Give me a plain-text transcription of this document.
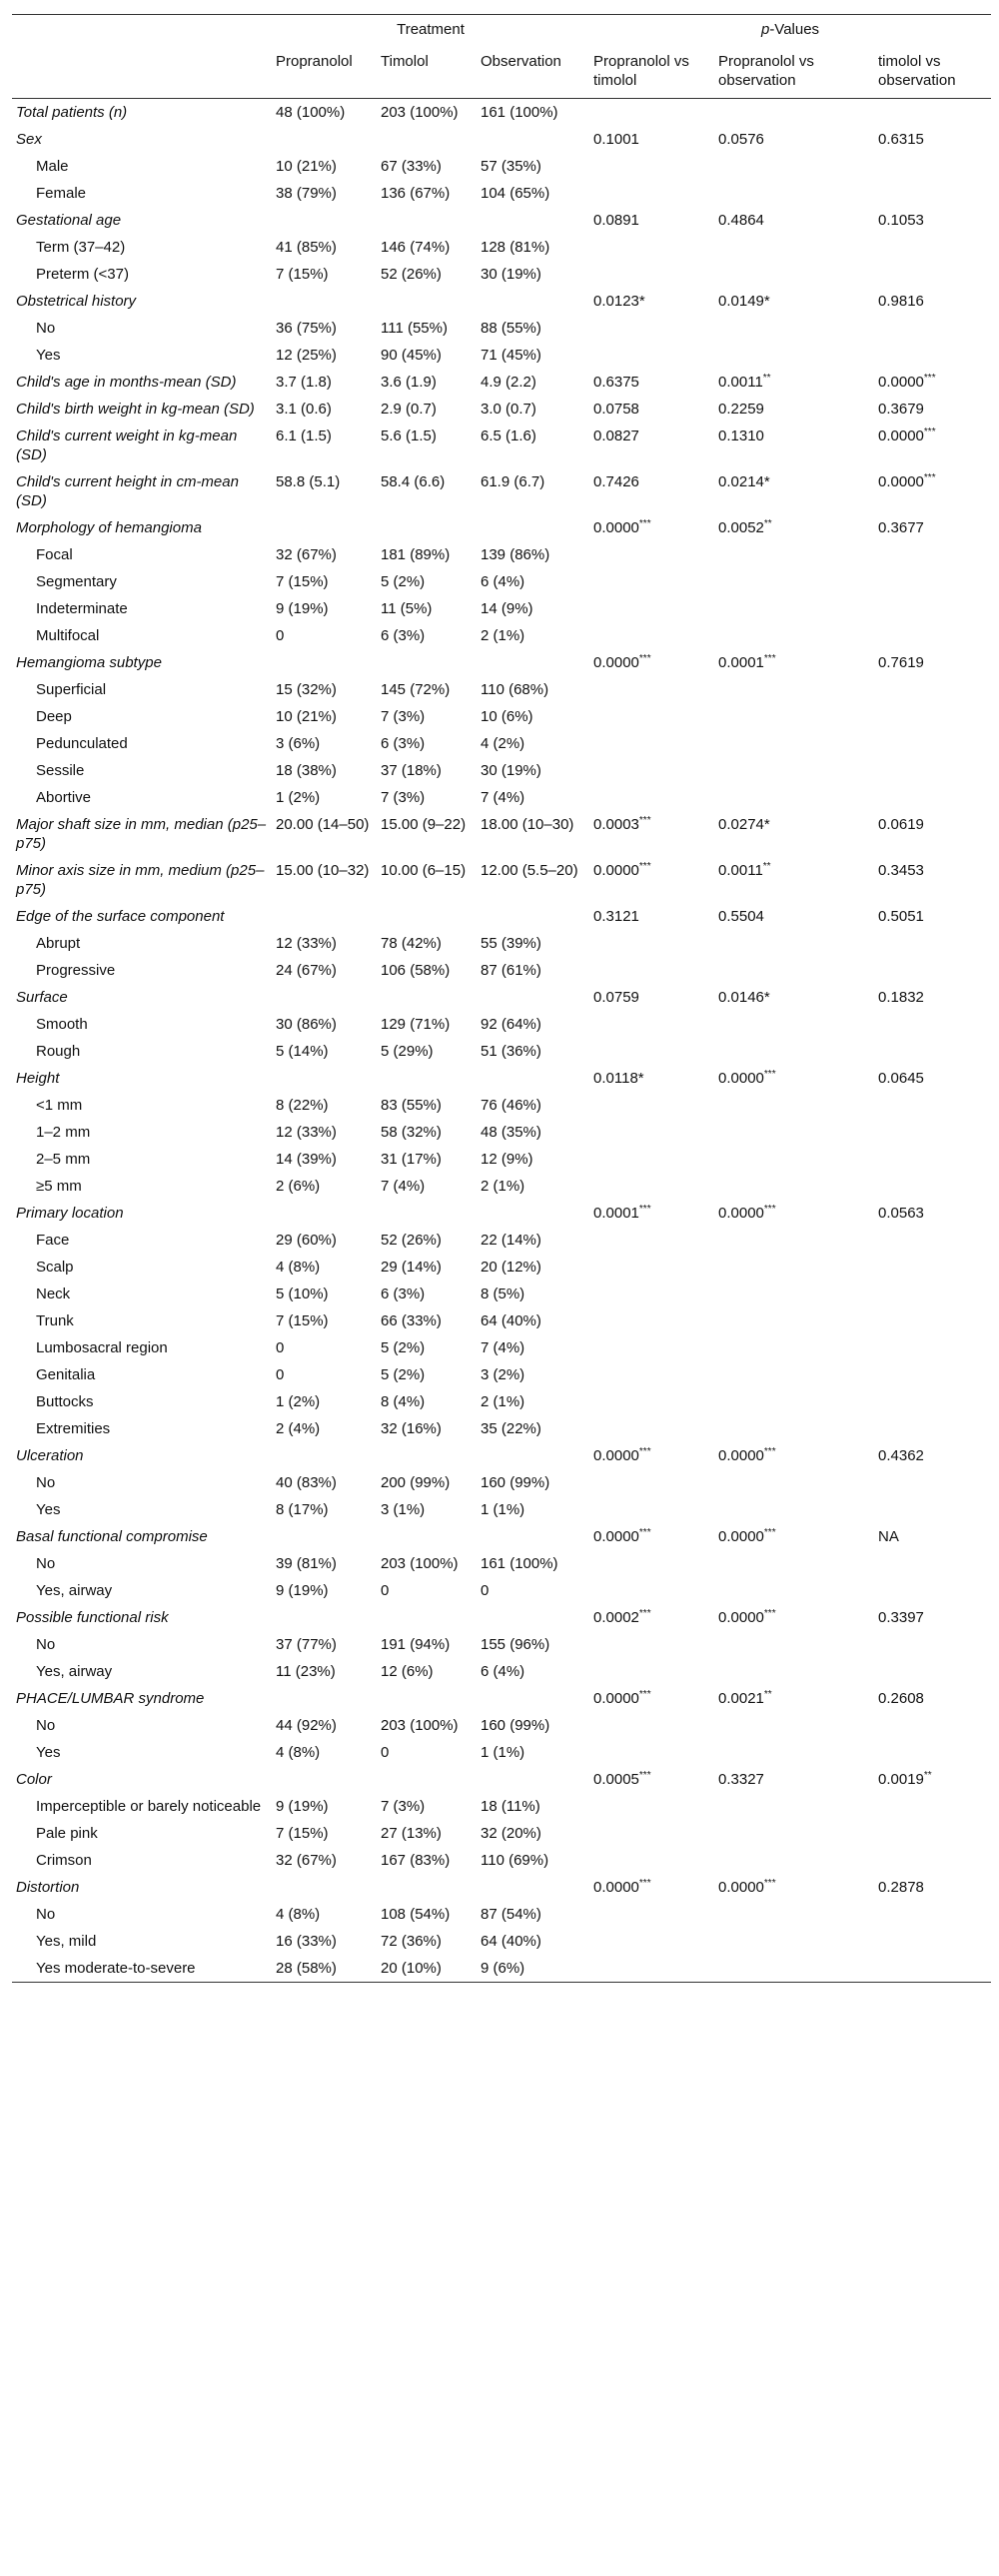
	Treatment			p-Values		
	Propranolol	Timolol	Observation	Propranolol vs timolol	Propranolol vs observation	timolol vs observation
Total patients (n)	48 (100%)	203 (100%)	161 (100%)			
Sex				0.1001	0.0576	0.6315
Male	10 (21%)	67 (33%)	57 (35%)			
Female	38 (79%)	136 (67%)	104 (65%)			
Gestational age				0.0891	0.4864	0.1053
Term (37–42)	41 (85%)	146 (74%)	128 (81%)			
Preterm (<37)	7 (15%)	52 (26%)	30 (19%)			
Obstetrical history				0.0123*	0.0149*	0.9816
No	36 (75%)	111 (55%)	88 (55%)			
Yes	12 (25%)	90 (45%)	71 (45%)			
Child's age in months-mean (SD)	3.7 (1.8)	3.6 (1.9)	4.9 (2.2)	0.6375	0.0011**	0.0000***
Child's birth weight in kg-mean (SD)	3.1 (0.6)	2.9 (0.7)	3.0 (0.7)	0.0758	0.2259	0.3679
Child's current weight in kg-mean (SD)	6.1 (1.5)	5.6 (1.5)	6.5 (1.6)	0.0827	0.1310	0.0000***
Child's current height in cm-mean (SD)	58.8 (5.1)	58.4 (6.6)	61.9 (6.7)	0.7426	0.0214*	0.0000***
Morphology of hemangioma				0.0000***	0.0052**	0.3677
Focal	32 (67%)	181 (89%)	139 (86%)			
Segmentary	7 (15%)	5 (2%)	6 (4%)			
Indeterminate	9 (19%)	11 (5%)	14 (9%)			
Multifocal	0	6 (3%)	2 (1%)			
Hemangioma subtype				0.0000***	0.0001***	0.7619
Superficial	15 (32%)	145 (72%)	110 (68%)			
Deep	10 (21%)	7 (3%)	10 (6%)			
Pedunculated	3 (6%)	6 (3%)	4 (2%)			
Sessile	18 (38%)	37 (18%)	30 (19%)			
Abortive	1 (2%)	7 (3%)	7 (4%)			
Major shaft size in mm, median (p25–p75)	20.00 (14–50)	15.00 (9–22)	18.00 (10–30)	0.0003***	0.0274*	0.0619
Minor axis size in mm, medium (p25–p75)	15.00 (10–32)	10.00 (6–15)	12.00 (5.5–20)	0.0000***	0.0011**	0.3453
Edge of the surface component				0.3121	0.5504	0.5051
Abrupt	12 (33%)	78 (42%)	55 (39%)			
Progressive	24 (67%)	106 (58%)	87 (61%)			
Surface				0.0759	0.0146*	0.1832
Smooth	30 (86%)	129 (71%)	92 (64%)			
Rough	5 (14%)	5 (29%)	51 (36%)			
Height				0.0118*	0.0000***	0.0645
<1 mm	8 (22%)	83 (55%)	76 (46%)			
1–2 mm	12 (33%)	58 (32%)	48 (35%)			
2–5 mm	14 (39%)	31 (17%)	12 (9%)			
≥5 mm	2 (6%)	7 (4%)	2 (1%)			
Primary location				0.0001***	0.0000***	0.0563
Face	29 (60%)	52 (26%)	22 (14%)			
Scalp	4 (8%)	29 (14%)	20 (12%)			
Neck	5 (10%)	6 (3%)	8 (5%)			
Trunk	7 (15%)	66 (33%)	64 (40%)			
Lumbosacral region	0	5 (2%)	7 (4%)			
Genitalia	0	5 (2%)	3 (2%)			
Buttocks	1 (2%)	8 (4%)	2 (1%)			
Extremities	2 (4%)	32 (16%)	35 (22%)			
Ulceration				0.0000***	0.0000***	0.4362
No	40 (83%)	200 (99%)	160 (99%)			
Yes	8 (17%)	3 (1%)	1 (1%)			
Basal functional compromise				0.0000***	0.0000***	NA
No	39 (81%)	203 (100%)	161 (100%)			
Yes, airway	9 (19%)	0	0			
Possible functional risk				0.0002***	0.0000***	0.3397
No	37 (77%)	191 (94%)	155 (96%)			
Yes, airway	11 (23%)	12 (6%)	6 (4%)			
PHACE/LUMBAR syndrome				0.0000***	0.0021**	0.2608
No	44 (92%)	203 (100%)	160 (99%)			
Yes	4 (8%)	0	1 (1%)			
Color				0.0005***	0.3327	0.0019**
Imperceptible or barely noticeable	9 (19%)	7 (3%)	18 (11%)			
Pale pink	7 (15%)	27 (13%)	32 (20%)			
Crimson	32 (67%)	167 (83%)	110 (69%)			
Distortion				0.0000***	0.0000***	0.2878
No	4 (8%)	108 (54%)	87 (54%)			
Yes, mild	16 (33%)	72 (36%)	64 (40%)			
Yes moderate-to-severe	28 (58%)	20 (10%)	9 (6%)			
